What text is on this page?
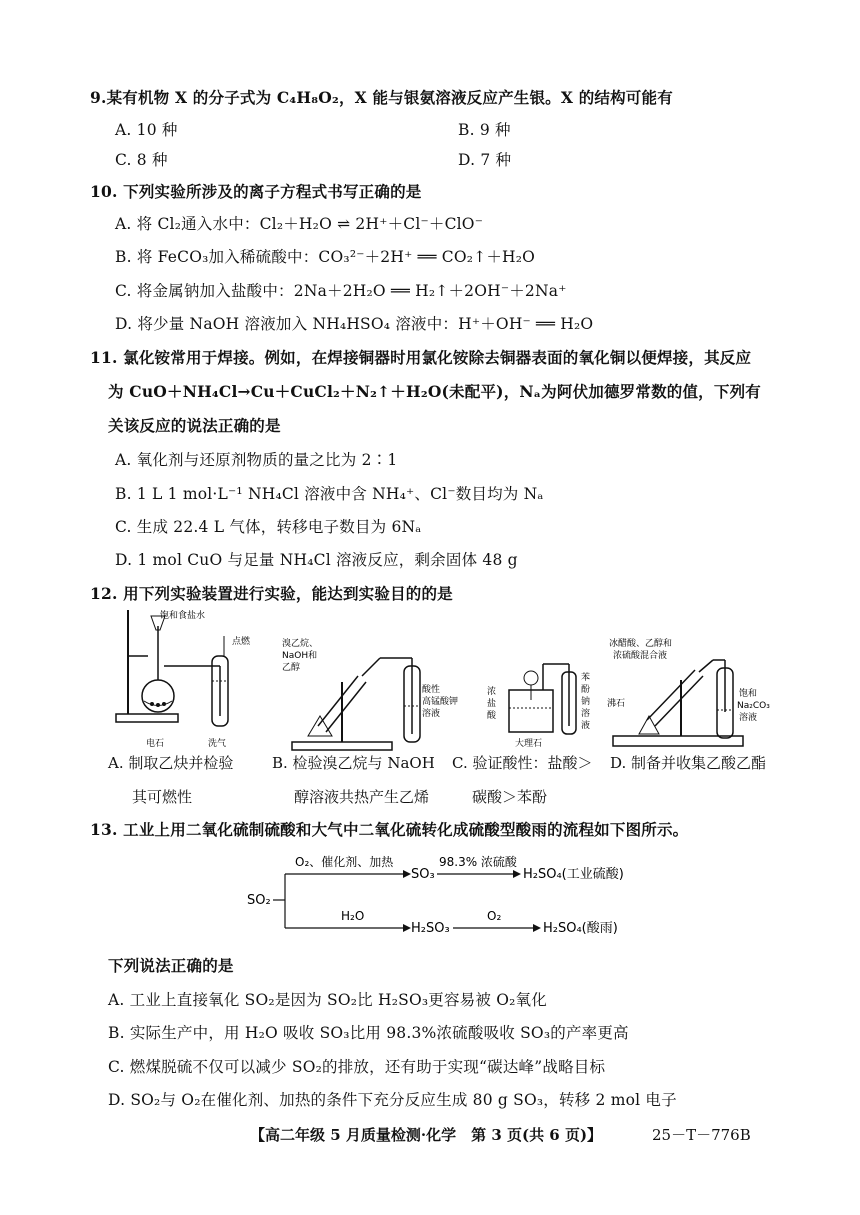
9.某有机物 X 的分子式为 C₄H₈O₂，X 能与银氨溶液反应产生银。X 的结构可能有
A. 10 种	B. 9 种
C. 8 种	D. 7 种
10. 下列实验所涉及的离子方程式书写正确的是
A. 将 Cl₂通入水中：Cl₂＋H₂O ⇌ 2H⁺＋Cl⁻＋ClO⁻
B. 将 FeCO₃加入稀硫酸中：CO₃²⁻＋2H⁺ ══ CO₂↑＋H₂O
C. 将金属钠加入盐酸中：2Na＋2H₂O ══ H₂↑＋2OH⁻＋2Na⁺
D. 将少量 NaOH 溶液加入 NH₄HSO₄ 溶液中：H⁺＋OH⁻ ══ H₂O
11. 氯化铵常用于焊接。例如，在焊接铜器时用氯化铵除去铜器表面的氧化铜以便焊接，其反应
为 CuO＋NH₄Cl→Cu＋CuCl₂＋N₂↑＋H₂O(未配平)，Nₐ为阿伏加德罗常数的值，下列有
关该反应的说法正确的是
A. 氧化剂与还原剂物质的量之比为 2∶1
B. 1 L 1 mol·L⁻¹ NH₄Cl 溶液中含 NH₄⁺、Cl⁻数目均为 Nₐ
C. 生成 22.4 L 气体，转移电子数目为 6Nₐ
D. 1 mol CuO 与足量 NH₄Cl 溶液反应，剩余固体 48 g
12. 用下列实验装置进行实验，能达到实验目的的是
饱和食盐水
点燃
电石	洗气
溴乙烷、
NaOH和
乙醇
酸性
高锰酸钾
溶液
浓
盐
酸
大理石
苯
酚
钠
溶
液
冰醋酸、乙醇和
浓硫酸混合液
沸石
饱和
Na₂CO₃
溶液
A. 制取乙炔并检验
其可燃性
B. 检验溴乙烷与 NaOH
醇溶液共热产生乙烯
C. 验证酸性：盐酸＞
碳酸＞苯酚
D. 制备并收集乙酸乙酯
13. 工业上用二氧化硫制硫酸和大气中二氧化硫转化成硫酸型酸雨的流程如下图所示。
SO₂
O₂、催化剂、加热
SO₃
98.3% 浓硫酸
H₂SO₄(工业硫酸)
H₂O
H₂SO₃
O₂
H₂SO₄(酸雨)
下列说法正确的是
A. 工业上直接氧化 SO₂是因为 SO₂比 H₂SO₃更容易被 O₂氧化
B. 实际生产中，用 H₂O 吸收 SO₃比用 98.3%浓硫酸吸收 SO₃的产率更高
C. 燃煤脱硫不仅可以减少 SO₂的排放，还有助于实现“碳达峰”战略目标
D. SO₂与 O₂在催化剂、加热的条件下充分反应生成 80 g SO₃，转移 2 mol 电子
【高二年级 5 月质量检测·化学　第 3 页(共 6 页)】	25－T－776B
